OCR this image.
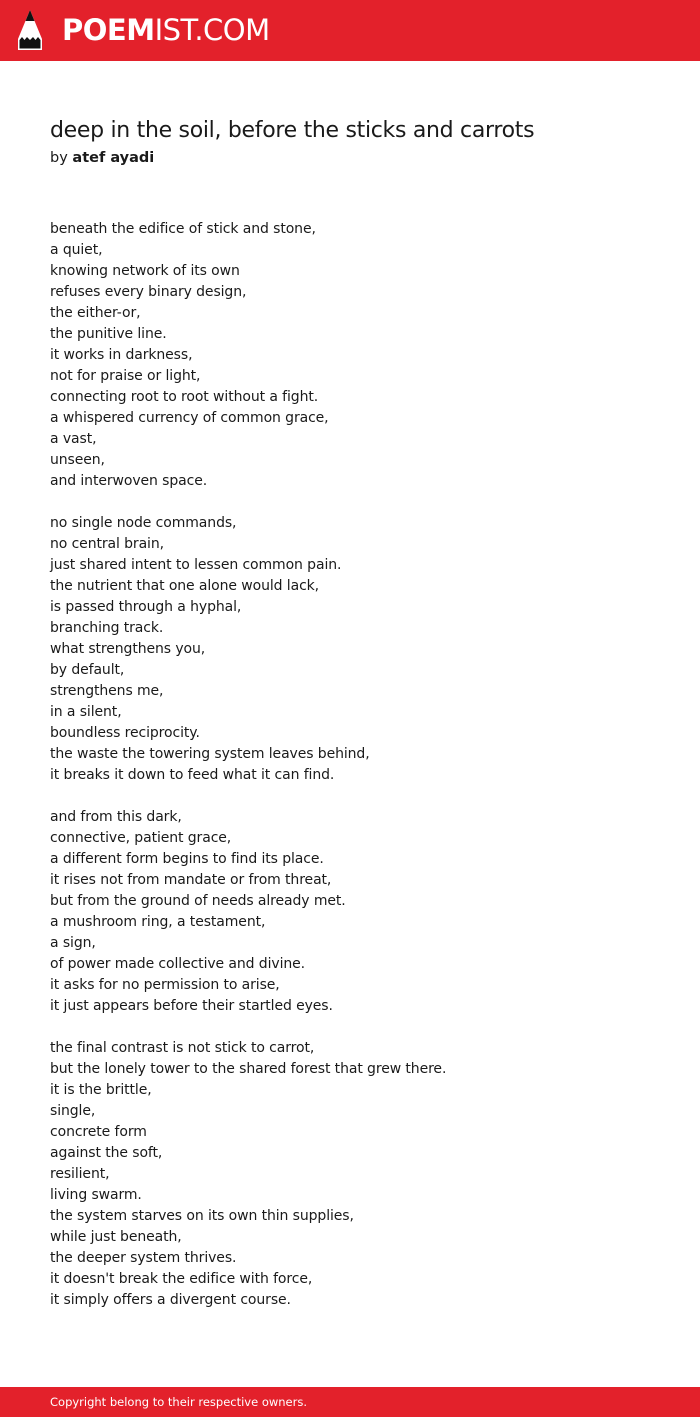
POEMIST.COM
deep in the soil, before the sticks and carrots
by atef ayadi
beneath the edifice of stick and stone,
a quiet,
knowing network of its own
refuses every binary design,
the either-or,
the punitive line.
it works in darkness,
not for praise or light,
connecting root to root without a fight.
a whispered currency of common grace,
a vast,
unseen,
and interwoven space.
no single node commands,
no central brain,
just shared intent to lessen common pain.
the nutrient that one alone would lack,
is passed through a hyphal,
branching track.
what strengthens you,
by default,
strengthens me,
in a silent,
boundless reciprocity.
the waste the towering system leaves behind,
it breaks it down to feed what it can find.
and from this dark,
connective, patient grace,
a different form begins to find its place.
it rises not from mandate or from threat,
but from the ground of needs already met.
a mushroom ring, a testament,
a sign,
of power made collective and divine.
it asks for no permission to arise,
it just appears before their startled eyes.
the final contrast is not stick to carrot,
but the lonely tower to the shared forest that grew there.
it is the brittle,
single,
concrete form
against the soft,
resilient,
living swarm.
the system starves on its own thin supplies,
while just beneath,
the deeper system thrives.
it doesn't break the edifice with force,
it simply offers a divergent course.
Copyright belong to their respective owners.
